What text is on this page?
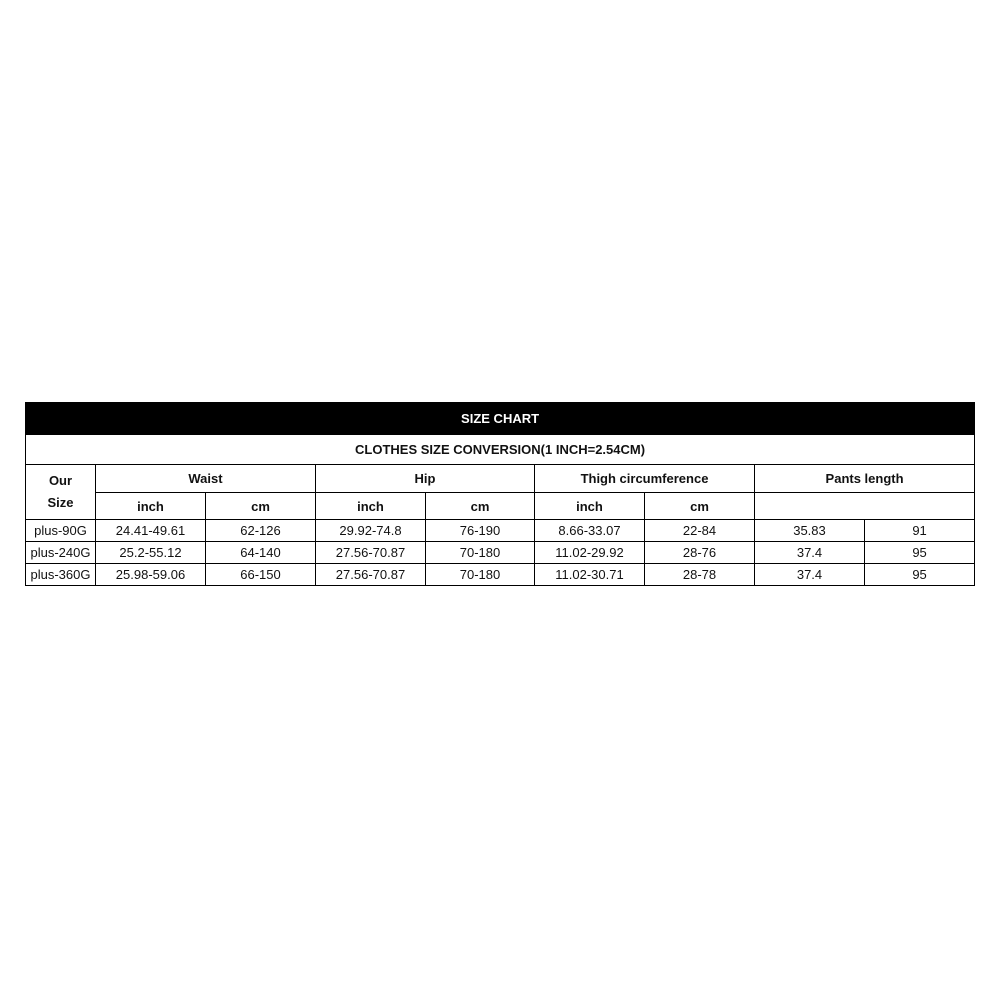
SIZE CHART								
CLOTHES SIZE CONVERSION(1 INCH=2.54CM)								
Our Size	Waist		Hip		Thigh circumference		Pants length	
	inch	cm	inch	cm	inch	cm		
plus-90G	24.41-49.61	62-126	29.92-74.8	76-190	8.66-33.07	22-84	35.83	91
plus-240G	25.2-55.12	64-140	27.56-70.87	70-180	11.02-29.92	28-76	37.4	95
plus-360G	25.98-59.06	66-150	27.56-70.87	70-180	11.02-30.71	28-78	37.4	95
